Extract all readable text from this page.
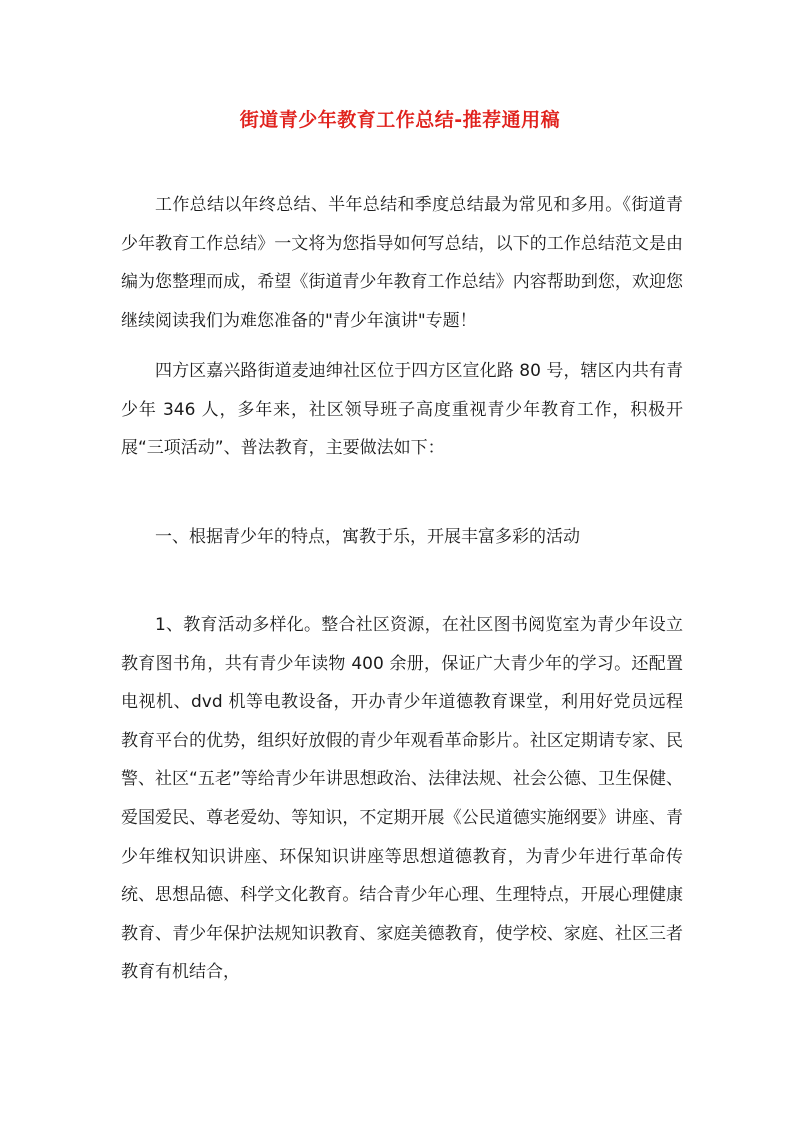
街道青少年教育工作总结-推荐通用稿

工作总结以年终总结、半年总结和季度总结最为常见和多用。《街道青少年教育工作总结》一文将为您指导如何写总结，以下的工作总结范文是由编为您整理而成，希望《街道青少年教育工作总结》内容帮助到您，欢迎您继续阅读我们为难您准备的"青少年演讲"专题！

四方区嘉兴路街道麦迪绅社区位于四方区宣化路 80 号，辖区内共有青少年 346 人，多年来，社区领导班子高度重视青少年教育工作，积极开展“三项活动”、普法教育，主要做法如下：

一、根据青少年的特点，寓教于乐，开展丰富多彩的活动

1、教育活动多样化。整合社区资源，在社区图书阅览室为青少年设立教育图书角，共有青少年读物 400 余册，保证广大青少年的学习。还配置电视机、dvd 机等电教设备，开办青少年道德教育课堂，利用好党员远程教育平台的优势，组织好放假的青少年观看革命影片。社区定期请专家、民警、社区“五老”等给青少年讲思想政治、法律法规、社会公德、卫生保健、爱国爱民、尊老爱幼、等知识，不定期开展《公民道德实施纲要》讲座、青少年维权知识讲座、环保知识讲座等思想道德教育，为青少年进行革命传统、思想品德、科学文化教育。结合青少年心理、生理特点，开展心理健康教育、青少年保护法规知识教育、家庭美德教育，使学校、家庭、社区三者教育有机结合，
